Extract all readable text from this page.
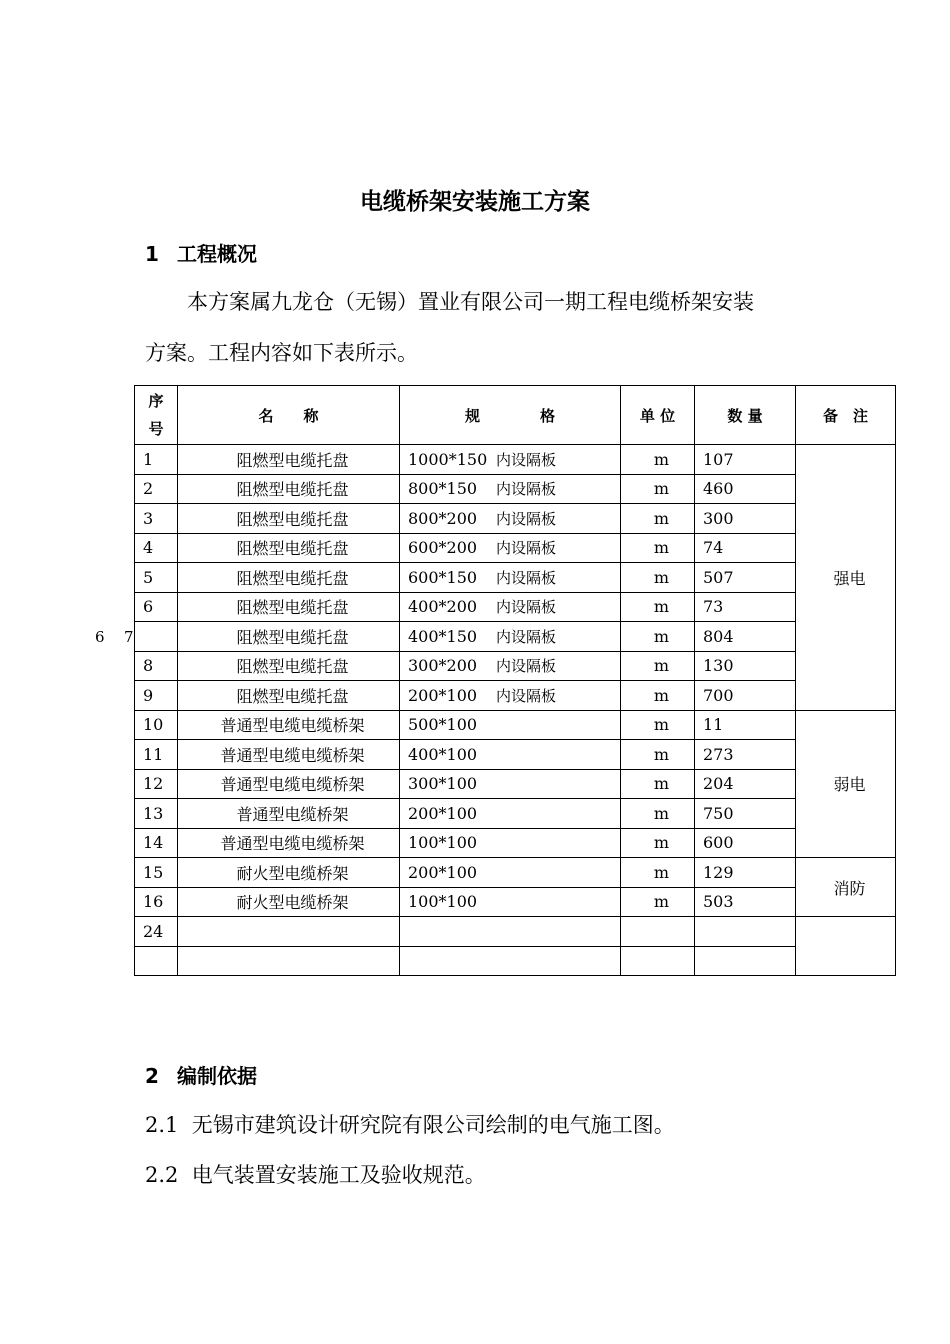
电缆桥架安装施工方案
1 工程概况
本方案属九龙仓（无锡）置业有限公司一期工程电缆桥架安装
方案。工程内容如下表所示。
6 7
序
号	名　　称	规　　　　格	单 位	数 量	备　注
1	阻燃型电缆托盘	1000*150 内设隔板	m	107	强电
2	阻燃型电缆托盘	800*150 内设隔板	m	460	
3	阻燃型电缆托盘	800*200 内设隔板	m	300	
4	阻燃型电缆托盘	600*200 内设隔板	m	74	
5	阻燃型电缆托盘	600*150 内设隔板	m	507	
6	阻燃型电缆托盘	400*200 内设隔板	m	73	
	阻燃型电缆托盘	400*150 内设隔板	m	804	
8	阻燃型电缆托盘	300*200 内设隔板	m	130	
9	阻燃型电缆托盘	200*100 内设隔板	m	700	
10	普通型电缆电缆桥架	500*100	m	11	弱电
11	普通型电缆电缆桥架	400*100	m	273	
12	普通型电缆电缆桥架	300*100	m	204	
13	普通型电缆桥架	200*100	m	750	
14	普通型电缆电缆桥架	100*100	m	600	
15	耐火型电缆桥架	200*100	m	129	消防
16	耐火型电缆桥架	100*100	m	503	
24					

2 编制依据
2.1 无锡市建筑设计研究院有限公司绘制的电气施工图。
2.2 电气装置安装施工及验收规范。
